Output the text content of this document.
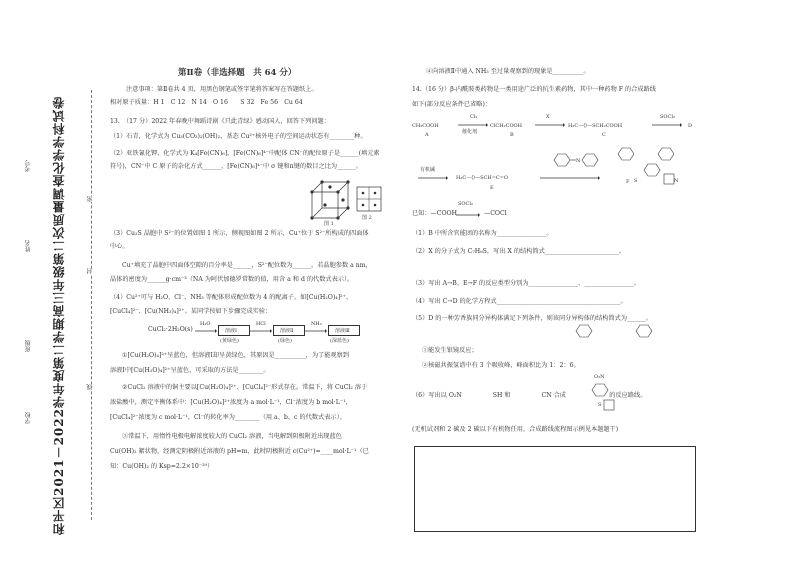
和平区2021－2022学年度第二学期高三年级第二次质量调查化学学科试卷
学校
班级
姓名
考号
密
封
线
第Ⅱ卷（非选择题　共 64 分）
注意事项：第Ⅱ卷共 4 页，用黑色钢笔或签字笔将答案写在答题纸上。
相对原子质量：H 1　C 12　N 14　O 16　　S 32　Fe 56　Cu 64
13.　（17 分）2022 年春晚中舞蹈诗剧《只此青绿》感动国人，回答下列问题：
（1）石青，化学式为 Cu₃(CO₃)₂(OH)₂，基态 Cu²⁺核外电子的空间运动状态有________种。
（2）亚铁氰化钾，化学式为 K₄[Fe(CN)₆]，[Fe(CN)₆]⁴⁻中配体 CN⁻的配位原子是______(填元素
符号)，CN⁻中 C 原子的杂化方式______，[Fe(CN)₆]⁴⁻中 σ 键和π键的数目之比为______。
图 1
图 2
（3）Cu₂S 晶胞中 S²⁻的位置如图 1 所示，侧视图如图 2 所示，Cu⁺位于 S²⁻所构成的四面体
中心。
Cu⁺填充了晶胞中四面体空隙的百分率是______，S²⁻配位数为______。若晶胞参数 a nm，
晶体的密度为______g·cm⁻³（NA 为阿伏加德罗常数的值，用含 a 和 d 的代数式表示）。
（4）Cu²⁺可与 H₂O、Cl⁻、NH₃ 等配体形成配位数为 4 的配离子，如[Cu(H₂O)₄]²⁺、
[CuCl₄]²⁻、[Cu(NH₃)₄]²⁺。某同学按如下步骤完成实验：
CuCl₂·2H₂O(s)
H₂O
溶液Ⅰ
(黄绿色)
HCl
溶液Ⅱ
(绿色)
NH₃
溶液Ⅲ
(深蓝色)
①[Cu(H₂O)₄]²⁺呈蓝色，但溶液Ⅰ却呈黄绿色，其原因是__________，为了能观察到
溶液Ⅰ中[Cu(H₂O)₄]²⁺呈蓝色，可采取的方法是________。
②CuCl₂ 溶液中的铜主要以[Cu(H₂O)₄]²⁺、[CuCl₄]²⁻形式存在。常温下，将 CuCl₂ 溶于
浓盐酸中，测定平衡体系中：[Cu(H₂O)₄]²⁺浓度为 a mol·L⁻¹，Cl⁻浓度为 b mol·L⁻¹，
[CuCl₄]²⁻浓度为 c mol·L⁻¹，Cl⁻的转化率为________（用 a、b、c 的代数式表示）。
③常温下，用惰性电极电解浓度较大的 CuCl₂ 溶液，当电解到阴极附近出现蓝色
Cu(OH)₂ 絮状物，经测定阴极附近溶液的 pH=m，此时阴极附近 c(Cu²⁺)=____mol·L⁻¹（已
知：Cu(OH)₂ 的 Ksp=2.2×10⁻²⁰）
④向溶液Ⅱ中通入 NH₃ 至过量观察到的现象是__________。
14.（16 分）β-内酰胺类药物是一类用途广泛的抗生素药物，其中一种药物 F 的合成路线
如下(部分反应条件已省略)：
CH₃COOH
A
Cl₂
催化剂
ClCH₂COOH
B
X
H₃C—⟨⟩—SCH₂COOH
C
SOCl₂
D
有机碱
H₃C—⟨⟩—SCH=C=O
E
N
S	N
F
SOCl₂
已知：—COOH	—COCl
（1）B 中所含官能团的名称为________________。
（2）X 的分子式为 C₇H₈S，写出 X 的结构简式________________________。
（3）写出 A→B、E→F 的反应类型分别为________________、________________。
（4）写出 C→D 的化学方程式________________________________________。
（5）D 的一种芳香族同分异构体满足下列条件，则该同分异构体的结构简式为______。
①能发生银镜反应；
②核磁共振氢谱中有 3 个吸收峰，峰面积比为 1：2：6。
（6）写出以 O₂N　　　　　SH 和　　　　　CN 合成　　　　　　　的反应路线。
O₂N
S
(无机试剂和 2 碳及 2 碳以下有机物任用，合成路线流程图示例见本题题干)
